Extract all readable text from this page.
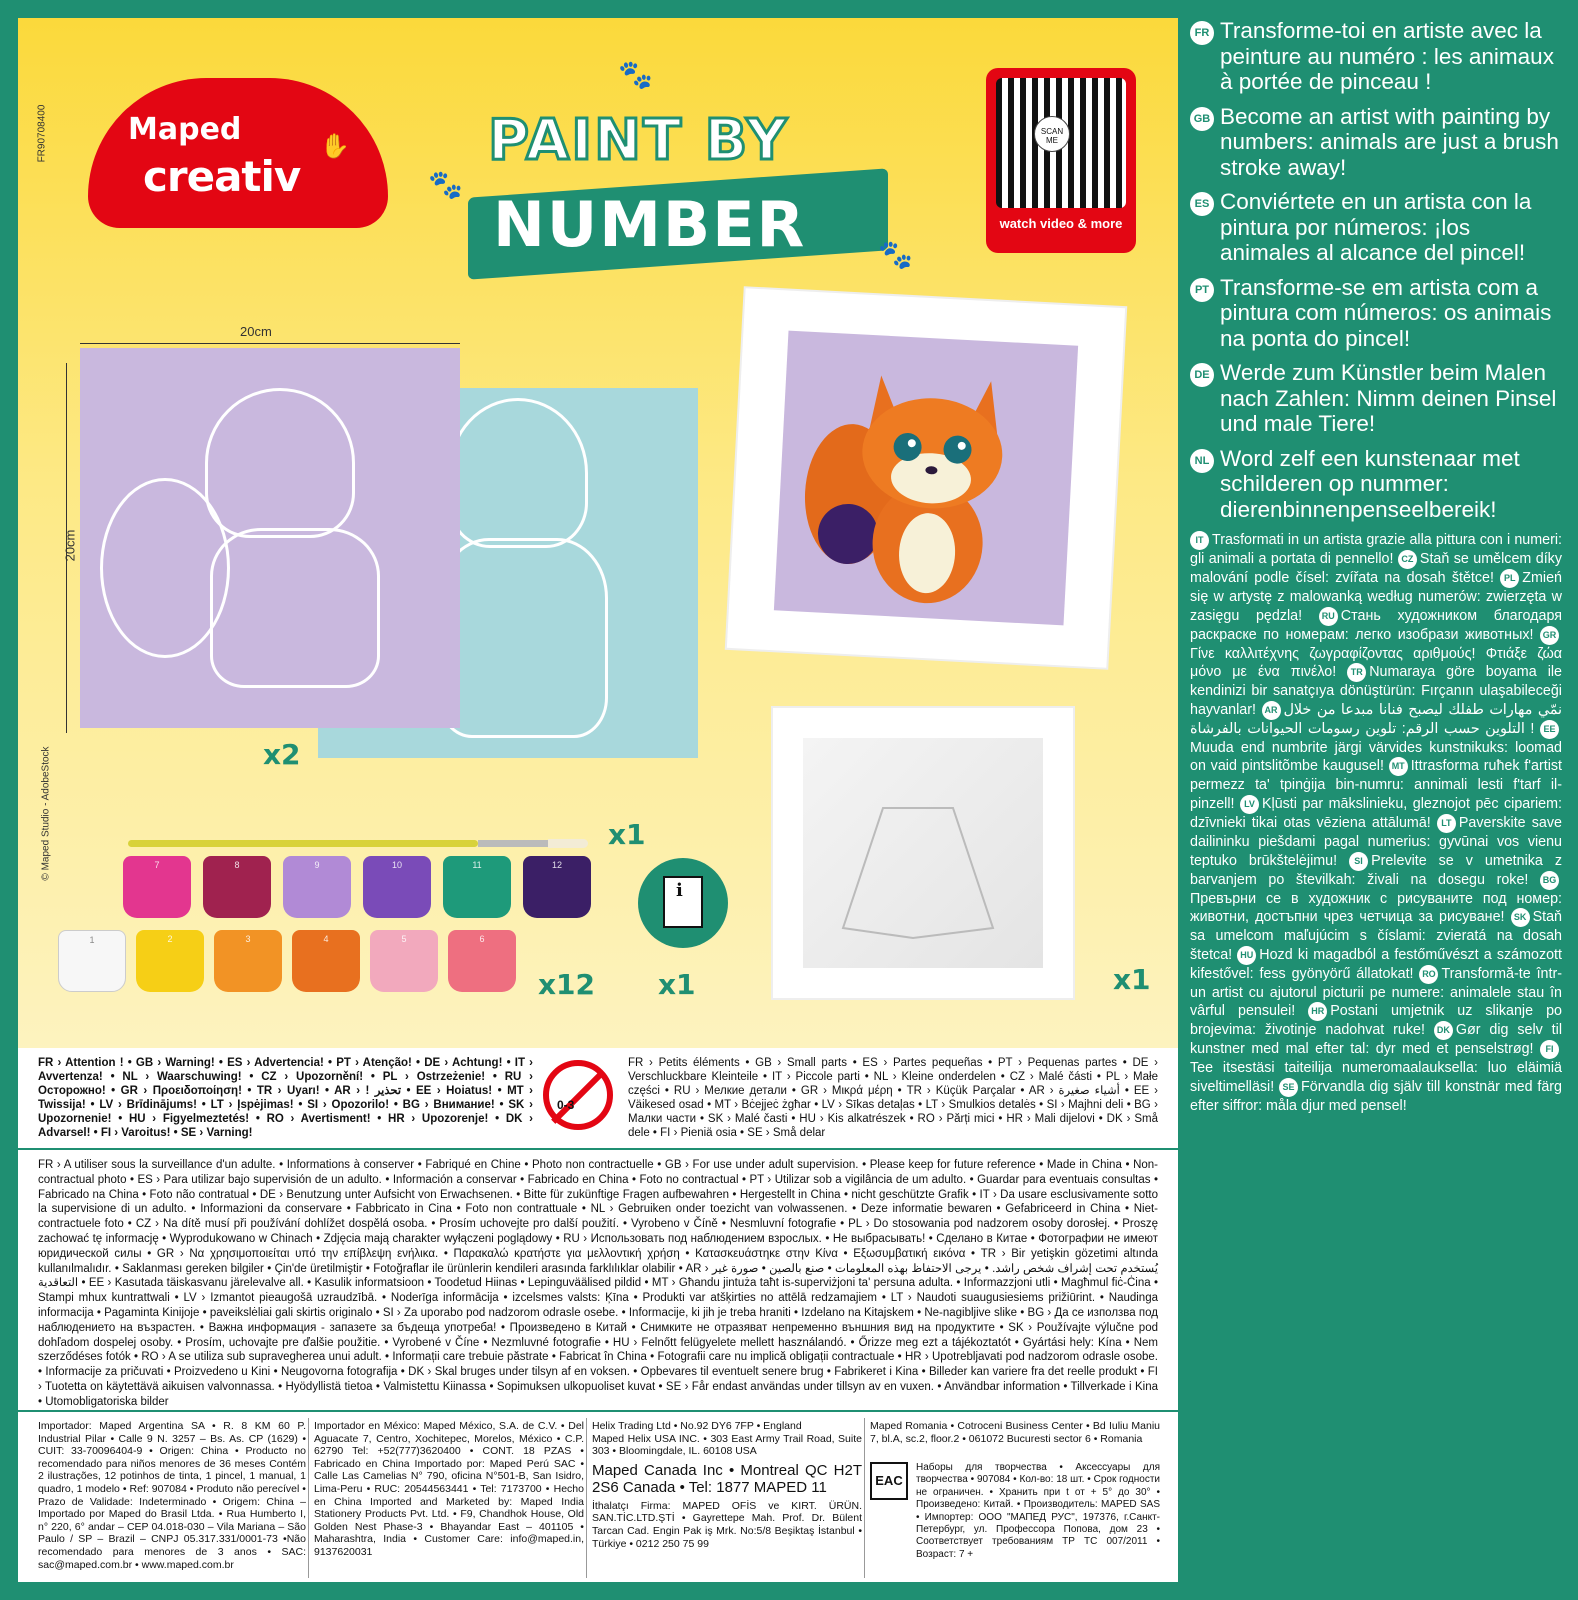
FR90708400
© Maped Studio - AdobeStock
Maped
creativ
✋
🐾
PAINT BY
NUMBER	🐾
🐾
SCAN ME
watch video & more
20cm
20cm
x2
x1
7	8	9	10	11	12
1	2	3	4	5	6
x12
i
x1	x1
FR › Attention ! • GB › Warning! • ES › Advertencia! • PT › Atenção! • DE › Achtung! • IT › Avvertenza! • NL › Waarschuwing! • CZ › Upozornění! • PL › Ostrzeżenie! • RU › Осторожно! • GR › Προειδοποίηση! • TR › Uyarı! • AR › ! تحذير • EE › Hoiatus! • MT › Twissija! • LV › Brīdinājums! • LT › Įspėjimas! • SI › Opozorilo! • BG › Внимание! • SK › Upozornenie! • HU › Figyelmeztetés! • RO › Avertisment! • HR › Upozorenje! • DK › Advarsel! • FI › Varoitus! • SE › Varning!
0-3
FR › Petits éléments • GB › Small parts • ES › Partes pequeñas • PT › Pequenas partes • DE › Verschluckbare Kleinteile • IT › Piccole parti • NL › Kleine onderdelen • CZ › Malé části • PL › Małe części • RU › Мелкие детали • GR › Μικρά μέρη • TR › Küçük Parçalar • AR › أشياء صغيرة • EE › Väikesed osad • MT › Bċejjeċ żgħar • LV › Sīkas detaļas • LT › Smulkios detalės • SI › Majhni deli • BG › Малки части • SK › Malé časti • HU › Kis alkatrészek • RO › Părți mici • HR › Mali dijelovi • DK › Små dele • FI › Pieniä osia • SE › Små delar
FR › A utiliser sous la surveillance d'un adulte. • Informations à conserver • Fabriqué en Chine • Photo non contractuelle • GB › For use under adult supervision. • Please keep for future reference • Made in China • Non-contractual photo • ES › Para utilizar bajo supervisión de un adulto. • Información a conservar • Fabricado en China • Foto no contractual • PT › Utilizar sob a vigilância de um adulto. • Guardar para eventuais consultas • Fabricado na China • Foto não contratual • DE › Benutzung unter Aufsicht von Erwachsenen. • Bitte für zukünftige Fragen aufbewahren • Hergestellt in China • nicht geschützte Grafik • IT › Da usare esclusivamente sotto la supervisione di un adulto. • Informazioni da conservare • Fabbricato in Cina • Foto non contrattuale • NL › Gebruiken onder toezicht van volwassenen. • Deze informatie bewaren • Gefabriceerd in China • Niet-contractuele foto • CZ › Na dítě musí při používání dohlížet dospělá osoba. • Prosím uchovejte pro další použití. • Vyrobeno v Číně • Nesmluvní fotografie • PL › Do stosowania pod nadzorem osoby dorosłej. • Proszę zachować tę informację • Wyprodukowano w Chinach • Zdjęcia mają charakter wyłączeni poglądowy • RU › Использовать под наблюдением взрослых. • Не выбрасывать! • Сделано в Китае • Фотографии не имеют юридической силы • GR › Να χρησιμοποιείται υπό την επίβλεψη ενήλικα. • Παρακαλώ κρατήστε για μελλοντική χρήση • Κατασκευάστηκε στην Κίνα • Εξωσυμβατική εικόνα • TR › Bir yetişkin gözetimi altında kullanılmalıdır. • Saklanması gereken bilgiler • Çin'de üretilmiştir • Fotoğraflar ile ürünlerin kendileri arasında farklılıklar olabilir • AR › يُستخدم تحت إشراف شخص راشد. • يرجى الاحتفاظ بهذه المعلومات • صنع بالصين • صورة غير التعاقدية • EE › Kasutada täiskasvanu järelevalve all. • Kasulik informatsioon • Toodetud Hiinas • Lepinguväälised pildid • MT › Għandu jintuża taħt is-superviżjoni ta' persuna adulta. • Informazzjoni utli • Magħmul fiċ-Ċina • Stampi mhux kuntrattwali • LV › Izmantot pieaugošā uzraudzībā. • Noderīga informācija • izcelsmes valsts: Ķīna • Produkti var atšķirties no attēlā redzamajiem • LT › Naudoti suaugusiesiems prižiūrint. • Naudinga informacija • Pagaminta Kinijoje • paveikslėliai gali skirtis originalo • SI › Za uporabo pod nadzorom odrasle osebe. • Informacije, ki jih je treba hraniti • Izdelano na Kitajskem • Ne-nagibljive slike • BG › Да се използва под наблюдението на възрастен. • Важна информация - запазете за бъдеща употреба! • Произведено в Китай • Снимките не отразяват непременно външния вид на продуктите • SK › Používajte výlučne pod dohľadom dospelej osoby. • Prosím, uchovajte pre ďalšie použitie. • Vyrobené v Číne • Nezmluvné fotografie • HU › Felnőtt felügyelete mellett használandó. • Őrizze meg ezt a tájékoztatót • Gyártási hely: Kína • Nem szerződéses fotók • RO › A se utiliza sub supravegherea unui adult. • Informații care trebuie păstrate • Fabricat în China • Fotografii care nu implică obligații contractuale • HR › Upotrebljavati pod nadzorom odrasle osobe. • Informacije za pričuvati • Proizvedeno u Kini • Neugovorna fotografija • DK › Skal bruges under tilsyn af en voksen. • Opbevares til eventuelt senere brug • Fabrikeret i Kina • Billeder kan variere fra det reelle produkt • FI › Tuotetta on käytettävä aikuisen valvonnassa. • Hyödyllistä tietoa • Valmistettu Kiinassa • Sopimuksen ulkopuoliset kuvat • SE › Får endast användas under tillsyn av en vuxen. • Användbar information • Tillverkade i Kina • Utomobligatoriska bilder
Importador: Maped Argentina SA • R. 8 KM 60 P. Industrial Pilar • Calle 9 N. 3257 – Bs. As. CP (1629) • CUIT: 33-70096404-9 • Origen: China • Producto no recomendado para niños menores de 36 meses Contém 2 ilustrações, 12 potinhos de tinta, 1 pincel, 1 manual, 1 quadro, 1 modelo • Ref: 907084 • Produto não perecível • Prazo de Validade: Indeterminado • Origem: China – Importado por Maped do Brasil Ltda. • Rua Humberto I, n° 220, 6° andar – CEP 04.018-030 – Vila Mariana – São Paulo / SP – Brazil – CNPJ 05.317.331/0001-73 •Não recomendado para menores de 3 anos • SAC: sac@maped.com.br • www.maped.com.br
Importador en México: Maped México, S.A. de C.V. • Del Aguacate 7, Centro, Xochitepec, Morelos, México • C.P. 62790 Tel: +52(777)3620400 • CONT. 18 PZAS • Fabricado en China Importado por: Maped Perú SAC • Calle Las Camelias N° 790, oficina N°501-B, San Isidro, Lima-Peru • RUC: 20544563441 • Tel: 7173700 • Hecho en China Imported and Marketed by: Maped India Stationery Products Pvt. Ltd. • F9, Chandhok House, Old Golden Nest Phase-3 • Bhayandar East – 401105 • Maharashtra, India • Customer Care: info@maped.in, 9137620031
Helix Trading Ltd • No.92 DY6 7FP • England
Maped Helix USA INC. • 303 East Army Trail Road, Suite 303 • Bloomingdale, IL. 60108 USA
Maped Canada Inc • Montreal QC H2T 2S6 Canada • Tel: 1877 MAPED 11
İthalatçı Firma: MAPED OFİS ve KIRT. ÜRÜN. SAN.TİC.LTD.ŞTİ • Gayrettepe Mah. Prof. Dr. Bülent Tarcan Cad. Engin Pak iş Mrk. No:5/8 Beşiktaş İstanbul • Türkiye • 0212 250 75 99
Maped Romania • Cotroceni Business Center • Bd Iuliu Maniu 7, bl.A, sc.2, floor.2 • 061072 Bucuresti sector 6 • Romania
EAC
Наборы для творчества • Аксессуары для творчества • 907084 • Кол-во: 18 шт. • Срок годности не ограничен. • Хранить при t от + 5° до 30° • Произведено: Китай. • Производитель: MAPED SAS • Импортер: ООО "МАПЕД РУС", 197376, г.Санкт-Петербург, ул. Профессора Попова, дом 23 • Соответствует требованиям ТР ТС 007/2011 • Возраст: 7 +
FR Transforme-toi en artiste avec la peinture au numéro : les animaux à portée de pinceau !
GB Become an artist with painting by numbers: animals are just a brush stroke away!
ES Conviértete en un artista con la pintura por números: ¡los animales al alcance del pincel!
PT Transforme-se em artista com a pintura com números: os animais na ponta do pincel!
DE Werde zum Künstler beim Malen nach Zahlen: Nimm deinen Pinsel und male Tiere!
NL Word zelf een kunstenaar met schilderen op nummer: dierenbinnenpenseelbereik!
IT Trasformati in un artista grazie alla pittura con i numeri: gli animali a portata di pennello! CZ Staň se umělcem díky malování podle čísel: zvířata na dosah štětce! PL Zmień się w artystę z malowanką według numerów: zwierzęta w zasięgu pędzla! RU Стань художником благодаря раскраске по номерам: легко изобрази животных! GRΓίνε καλλιτέχνης ζωγραφίζοντας αριθμούς! Φτιάξε ζώα μόνο με ένα πινέλο! TR Numaraya göre boyama ile kendinizi bir sanatçıya dönüştürün: Fırçanın ulaşabileceği hayvanlar! AR نمّي مهارات طفلك ليصبح فنانا مبدعا من خلال التلوين حسب الرقم: تلوين رسومات الحيوانات بالفرشاة ! EEMuuda end numbrite järgi värvides kunstnikuks: loomad on vaid pintslitõmbe kaugusel! MT Ittrasforma ruħek f'artist permezz ta' tpinġija bin-numru: annimali lesti f'tarf il-pinzell! LV Kļūsti par mākslinieku, gleznojot pēc cipariem: dzīvnieki tikai otas vēziena attālumā! LT Paverskite save dailininku piešdami pagal numerius: gyvūnai vos vienu teptuko brūkštelėjimu! SI Prelevite se v umetnika z barvanjem po številkah: živali na dosegu roke! BGПревърни се в художник с рисуваните под номер: животни, достъпни чрез четчица за рисуване! SK Staň sa umelcom maľujúcim s číslami: zvieratá na dosah štetca! HU Hozd ki magadból a festőművészt a számozott kifestővel: fess gyönyörű állatokat! RO Transformă-te într-un artist cu ajutorul picturii pe numere: animalele stau în vârful pensulei! HR Postani umjetnik uz slikanje po brojevima: životinje nadohvat ruke! DK Gør dig selv til kunstner med mal efter tal: dyr med et penselstrøg! FITee itsestäsi taiteilija numeromaalauksella: luo eläimiä siveltimelläsi! SE Förvandla dig själv till konstnär med färg efter siffror: måla djur med pensel!
